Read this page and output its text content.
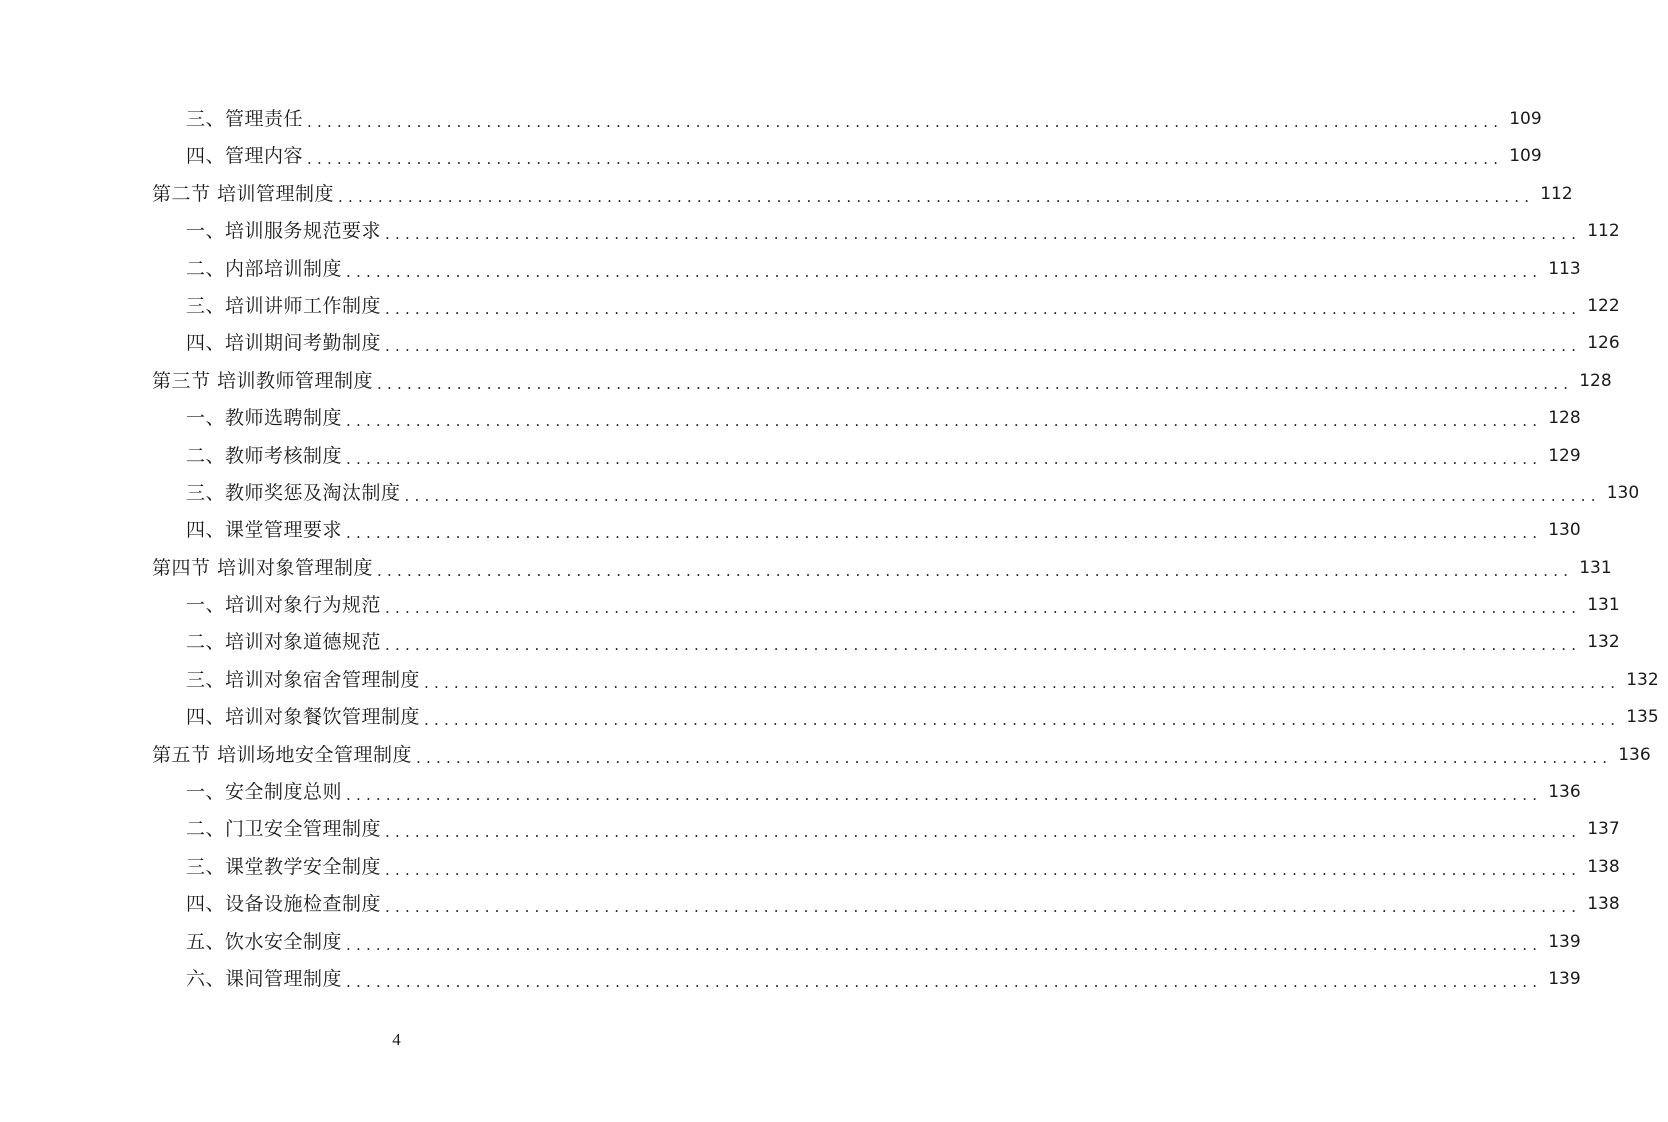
三、管理责任 ........................................................................................................................ 109
四、管理内容 ........................................................................................................................ 109
第二节 培训管理制度 ........................................................................................................................ 112
一、培训服务规范要求 ........................................................................................................................ 112
二、内部培训制度 ........................................................................................................................ 113
三、培训讲师工作制度 ........................................................................................................................ 122
四、培训期间考勤制度 ........................................................................................................................ 126
第三节 培训教师管理制度 ........................................................................................................................ 128
一、教师选聘制度 ........................................................................................................................ 128
二、教师考核制度 ........................................................................................................................ 129
三、教师奖惩及淘汰制度 ........................................................................................................................ 130
四、课堂管理要求 ........................................................................................................................ 130
第四节 培训对象管理制度 ........................................................................................................................ 131
一、培训对象行为规范 ........................................................................................................................ 131
二、培训对象道德规范 ........................................................................................................................ 132
三、培训对象宿舍管理制度 ........................................................................................................................ 132
四、培训对象餐饮管理制度 ........................................................................................................................ 135
第五节 培训场地安全管理制度 ........................................................................................................................ 136
一、安全制度总则 ........................................................................................................................ 136
二、门卫安全管理制度 ........................................................................................................................ 137
三、课堂教学安全制度 ........................................................................................................................ 138
四、设备设施检查制度 ........................................................................................................................ 138
五、饮水安全制度 ........................................................................................................................ 139
六、课间管理制度 ........................................................................................................................ 139
4
